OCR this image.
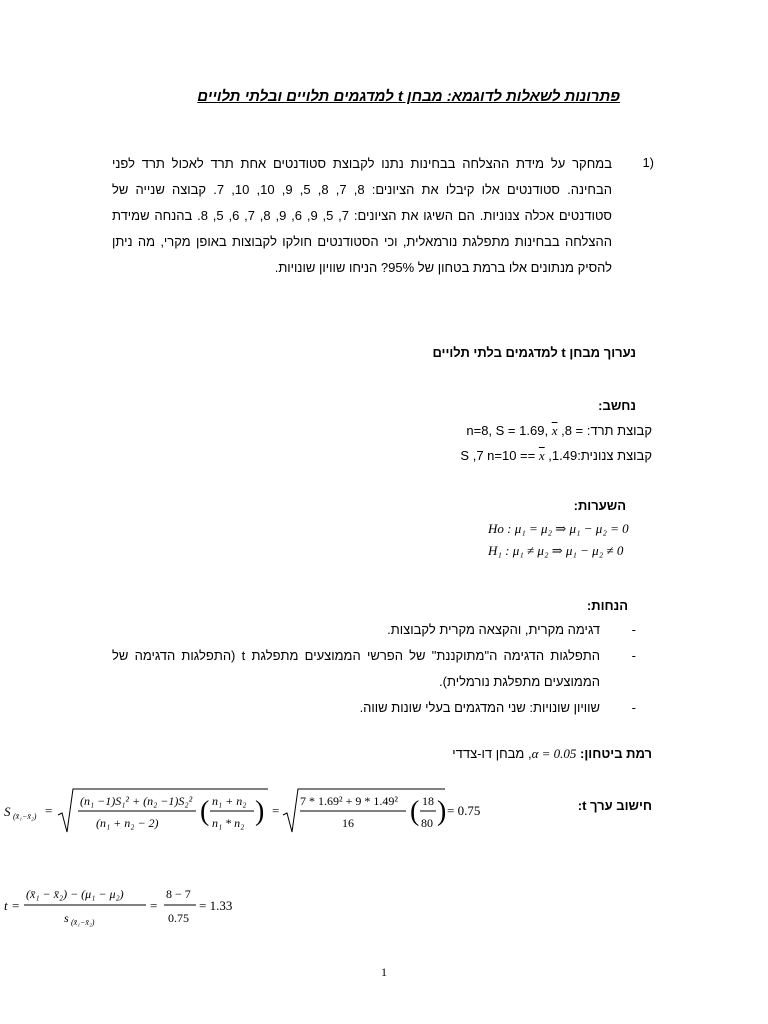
פתרונות לשאלות לדוגמא: מבחן t למדגמים תלויים ובלתי תלויים
1)
במחקר על מידת ההצלחה בבחינות נתנו לקבוצת סטודנטים אחת תרד לאכול תרד לפני הבחינה. סטודנטים אלו קיבלו את הציונים: 8, 7, 8, 5, 9, 10, 10, 7. קבוצה שנייה של סטודנטים אכלה צנוניות. הם השיגו את הציונים: 7, 5, 9, 6, 9, 8, 7, 6, 5, 8. בהנחה שמידת ההצלחה בבחינות מתפלגת נורמאלית, וכי הסטודנטים חולקו לקבוצות באופן מקרי, מה ניתן להסיק מנתונים אלו ברמת בטחון של 95%? הניחו שוויון שונויות.
נערוך מבחן t למדגמים בלתי תלויים
נחשב:
קבוצת תרד: = 8, n=8, S = 1.69, x
קבוצת צנונית:1.49, S ,7 n=10 == x
השערות:
Ho : μ₁ = μ₂ ⇒ μ₁ − μ₂ = 0
H₁ : μ₁ ≠ μ₂ ⇒ μ₁ − μ₂ ≠ 0
הנחות:
-
דגימה מקרית, והקצאה מקרית לקבוצות.
-
התפלגות הדגימה ה"מתוקננת" של הפרשי הממוצעים מתפלגת t (התפלגות הדגימה של הממוצעים מתפלגת נורמלית).
-
שוויון שונויות: שני המדגמים בעלי שונות שווה.
רמת ביטחון: α = 0.05, מבחן דו-צדדי
חישוב ערך t:
S (x̄₁−x̄₂) =
(n₁ −1)S₁² + (n₂ −1)S₂²
(n₁ + n₂ − 2) ( n₁ + n₂
n₁ * n₂ ) =
7 * 1.69² + 9 * 1.49²
16 ( 18
80 ) = 0.75
t =
(x̄₁ − x̄₂) − (μ₁ − μ₂)
s (x̄₁−x̄₂)
=
8 − 7
0.75
= 1.33
1
